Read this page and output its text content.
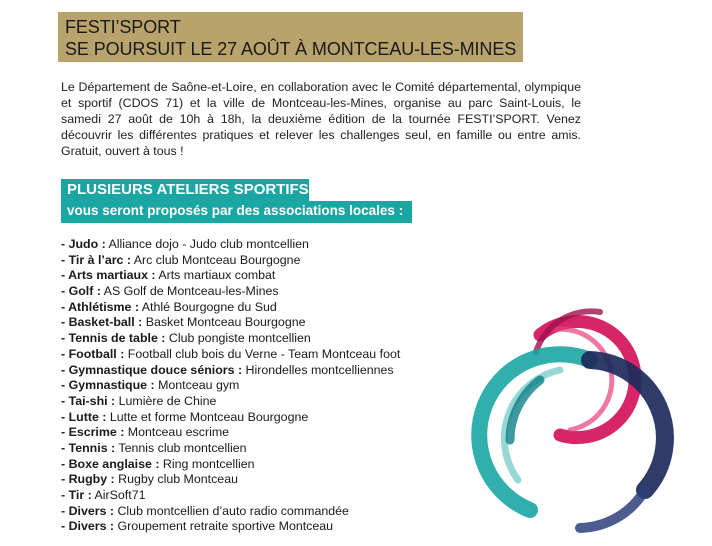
FESTI’SPORT
SE POURSUIT LE 27 AOÛT À MONTCEAU-LES-MINES

Le Département de Saône-et-Loire, en collaboration avec le Comité départemental, olympique et sportif (CDOS 71) et la ville de Montceau-les-Mines, organise au parc Saint-Louis, le samedi 27 août de 10h à 18h, la deuxième édition de la tournée FESTI’SPORT. Venez découvrir les différentes pratiques et relever les challenges seul, en famille ou entre amis. Gratuit, ouvert à tous !

PLUSIEURS ATELIERS SPORTIFS
vous seront proposés par des associations locales :
- Judo : Alliance dojo - Judo club montcellien
- Tir à l’arc : Arc club Montceau Bourgogne
- Arts martiaux : Arts martiaux combat
- Golf : AS Golf de Montceau-les-Mines
- Athlétisme : Athlé Bourgogne du Sud
- Basket-ball : Basket Montceau Bourgogne
- Tennis de table : Club pongiste montcellien
- Football : Football club bois du Verne - Team Montceau foot
- Gymnastique douce séniors : Hirondelles montcelliennes
- Gymnastique : Montceau gym
- Tai-shi : Lumière de Chine
- Lutte : Lutte et forme Montceau Bourgogne
- Escrime : Montceau escrime
- Tennis : Tennis club montcellien
- Boxe anglaise : Ring montcellien
- Rugby : Rugby club Montceau
- Tir : AirSoft71
- Divers : Club montcellien d’auto radio commandée
- Divers : Groupement retraite sportive Montceau
